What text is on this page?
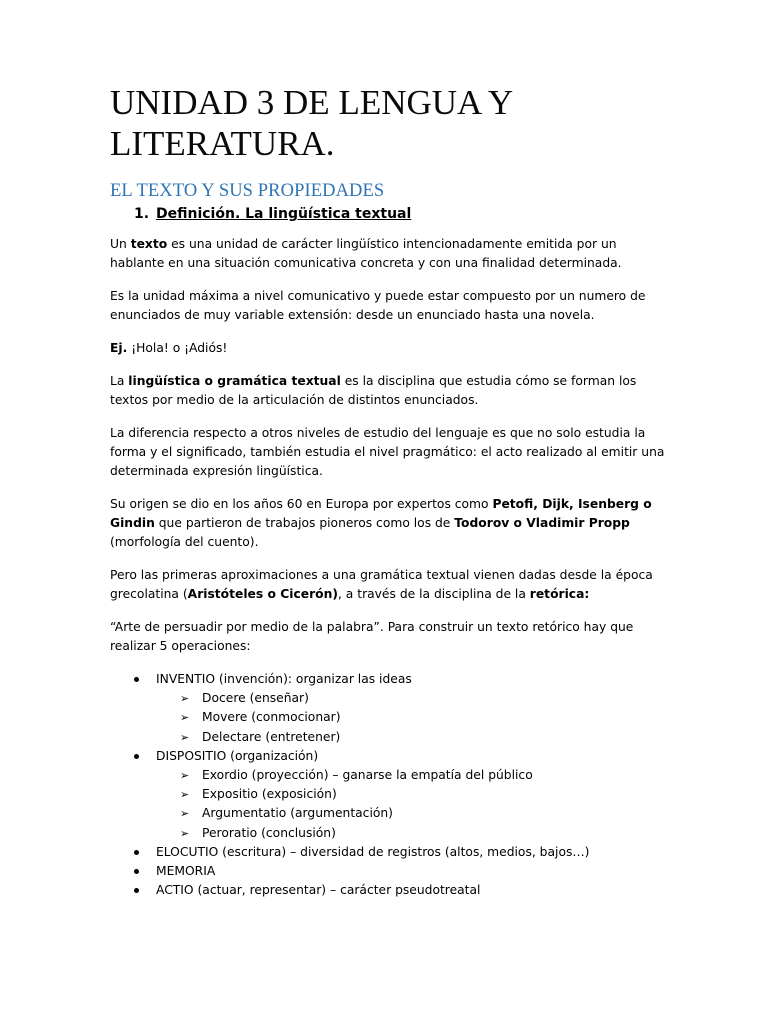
UNIDAD 3 DE LENGUA Y
LITERATURA.
EL TEXTO Y SUS PROPIEDADES
1. Definición. La lingüística textual

Un texto es una unidad de carácter lingüístico intencionadamente emitida por un hablante en una situación comunicativa concreta y con una finalidad determinada.

Es la unidad máxima a nivel comunicativo y puede estar compuesto por un numero de enunciados de muy variable extensión: desde un enunciado hasta una novela.

Ej. ¡Hola! o ¡Adiós!

La lingüística o gramática textual es la disciplina que estudia cómo se forman los textos por medio de la articulación de distintos enunciados.

La diferencia respecto a otros niveles de estudio del lenguaje es que no solo estudia la forma y el significado, también estudia el nivel pragmático: el acto realizado al emitir una determinada expresión lingüística.

Su origen se dio en los años 60 en Europa por expertos como Petofi, Dijk, Isenberg o Gindin que partieron de trabajos pioneros como los de Todorov o Vladimir Propp (morfología del cuento).

Pero las primeras aproximaciones a una gramática textual vienen dadas desde la época grecolatina (Aristóteles o Cicerón), a través de la disciplina de la retórica:

“Arte de persuadir por medio de la palabra”. Para construir un texto retórico hay que realizar 5 operaciones:

INVENTIO (invención): organizar las ideas
➢ Docere (enseñar)
➢ Movere (conmocionar)
➢ Delectare (entretener)
DISPOSITIO (organización)
➢ Exordio (proyección) – ganarse la empatía del público
➢ Expositio (exposición)
➢ Argumentatio (argumentación)
➢ Peroratio (conclusión)
ELOCUTIO (escritura) – diversidad de registros (altos, medios, bajos…)
MEMORIA
ACTIO (actuar, representar) – carácter pseudotreatal
